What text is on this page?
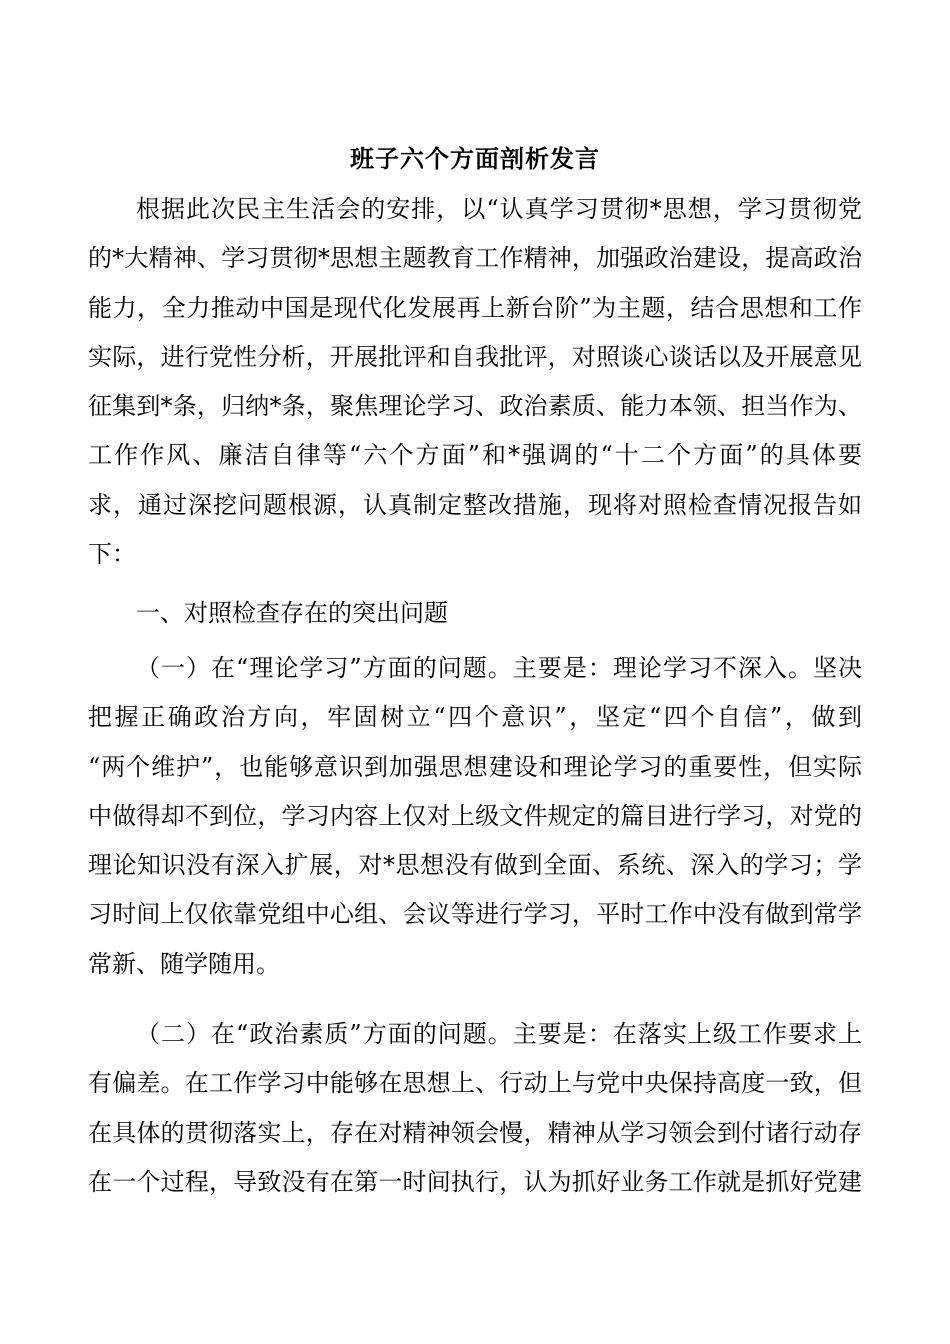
班子六个方面剖析发言
根据此次民主生活会的安排，以“认真学习贯彻*思想，学习贯彻党
的*大精神、学习贯彻*思想主题教育工作精神，加强政治建设，提高政治
能力，全力推动中国是现代化发展再上新台阶”为主题，结合思想和工作
实际，进行党性分析，开展批评和自我批评，对照谈心谈话以及开展意见
征集到*条，归纳*条，聚焦理论学习、政治素质、能力本领、担当作为、
工作作风、廉洁自律等“六个方面”和*强调的“十二个方面”的具体要
求，通过深挖问题根源，认真制定整改措施，现将对照检查情况报告如
下：
一、对照检查存在的突出问题
（一）在“理论学习”方面的问题。主要是：理论学习不深入。坚决
把握正确政治方向，牢固树立“四个意识”，坚定“四个自信”，做到
“两个维护”，也能够意识到加强思想建设和理论学习的重要性，但实际
中做得却不到位，学习内容上仅对上级文件规定的篇目进行学习，对党的
理论知识没有深入扩展，对*思想没有做到全面、系统、深入的学习；学
习时间上仅依靠党组中心组、会议等进行学习，平时工作中没有做到常学
常新、随学随用。
（二）在“政治素质”方面的问题。主要是：在落实上级工作要求上
有偏差。在工作学习中能够在思想上、行动上与党中央保持高度一致，但
在具体的贯彻落实上，存在对精神领会慢，精神从学习领会到付诸行动存
在一个过程，导致没有在第一时间执行，认为抓好业务工作就是抓好党建
